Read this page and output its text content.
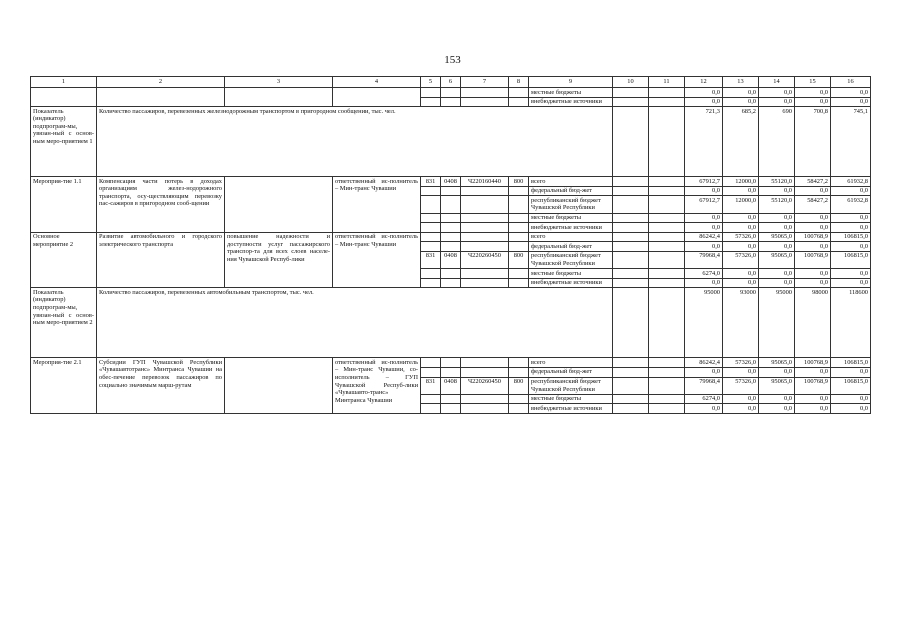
153
1	2	3	4	5	6	7	8	9	10	11	12	13	14	15	16
								местные бюджеты			0,0	0,0	0,0	0,0	0,0
								внебюджетные источники			0,0	0,0	0,0	0,0	0,0
Показатель (индикатор) подпрограм-мы, увязан-ный с основ-ным меро-приятием 1	Количество пассажиров, перевезенных железнодорожным транспортом в пригородном сообщении, тыс. чел.										721,3	685,2	690	700,8	745,1
Мероприя-тие 1.1	Компенсация части потерь в доходах организациям желез-нодорожного транспорта, осу-ществляющим перевозку пас-сажиров в пригородном сооб-щении		ответственный ис-полнитель – Мин-транс Чувашии	831	0408	Ч220160440	800	всего			67912,7	12000,0	55120,0	58427,2	61932,8
								федеральный бюд-жет			0,0	0,0	0,0	0,0	0,0
								республиканский бюджет Чувашской Республики			67912,7	12000,0	55120,0	58427,2	61932,8
								местные бюджеты			0,0	0,0	0,0	0,0	0,0
								внебюджетные источники			0,0	0,0	0,0	0,0	0,0
Основное мероприятие 2	Развитие автомобильного и городского электрического транспорта	повышение надежности и доступности услуг пассажирского транспор-та для всех слоев населе-ния Чувашской Респуб-лики	ответственный ис-полнитель – Мин-транс Чувашии					всего			86242,4	57326,0	95065,0	100768,9	106815,0
								федеральный бюд-жет			0,0	0,0	0,0	0,0	0,0
				831	0408	Ч220260450	800	республиканский бюджет Чувашской Республики			79968,4	57326,0	95065,0	100768,9	106815,0
								местные бюджеты			6274,0	0,0	0,0	0,0	0,0
								внебюджетные источники			0,0	0,0	0,0	0,0	0,0
Показатель (индикатор) подпрограм-мы, увязан-ный с основ-ным меро-приятием 2	Количество пассажиров, перевезенных автомобильным транспортом, тыс. чел.										95000	93000	95000	98000	118600
Мероприя-тие 2.1	Субсидии ГУП Чувашской Республики «Чувашавтотранс» Минтранса Чувашии на обес-печение перевозок пассажиров по социально значимым марш-рутам		ответственный ис-полнитель – Мин-транс Чувашии, со-исполнитель – ГУП Чувашской Респуб-лики «Чувашавто-транс» Минтранса Чувашии					всего			86242,4	57326,0	95065,0	100768,9	106815,0
								федеральный бюд-жет			0,0	0,0	0,0	0,0	0,0
				831	0408	Ч220260450	800	республиканский бюджет Чувашской Республики			79968,4	57326,0	95065,0	100768,9	106815,0
								местные бюджеты			6274,0	0,0	0,0	0,0	0,0
								внебюджетные источники			0,0	0,0	0,0	0,0	0,0
